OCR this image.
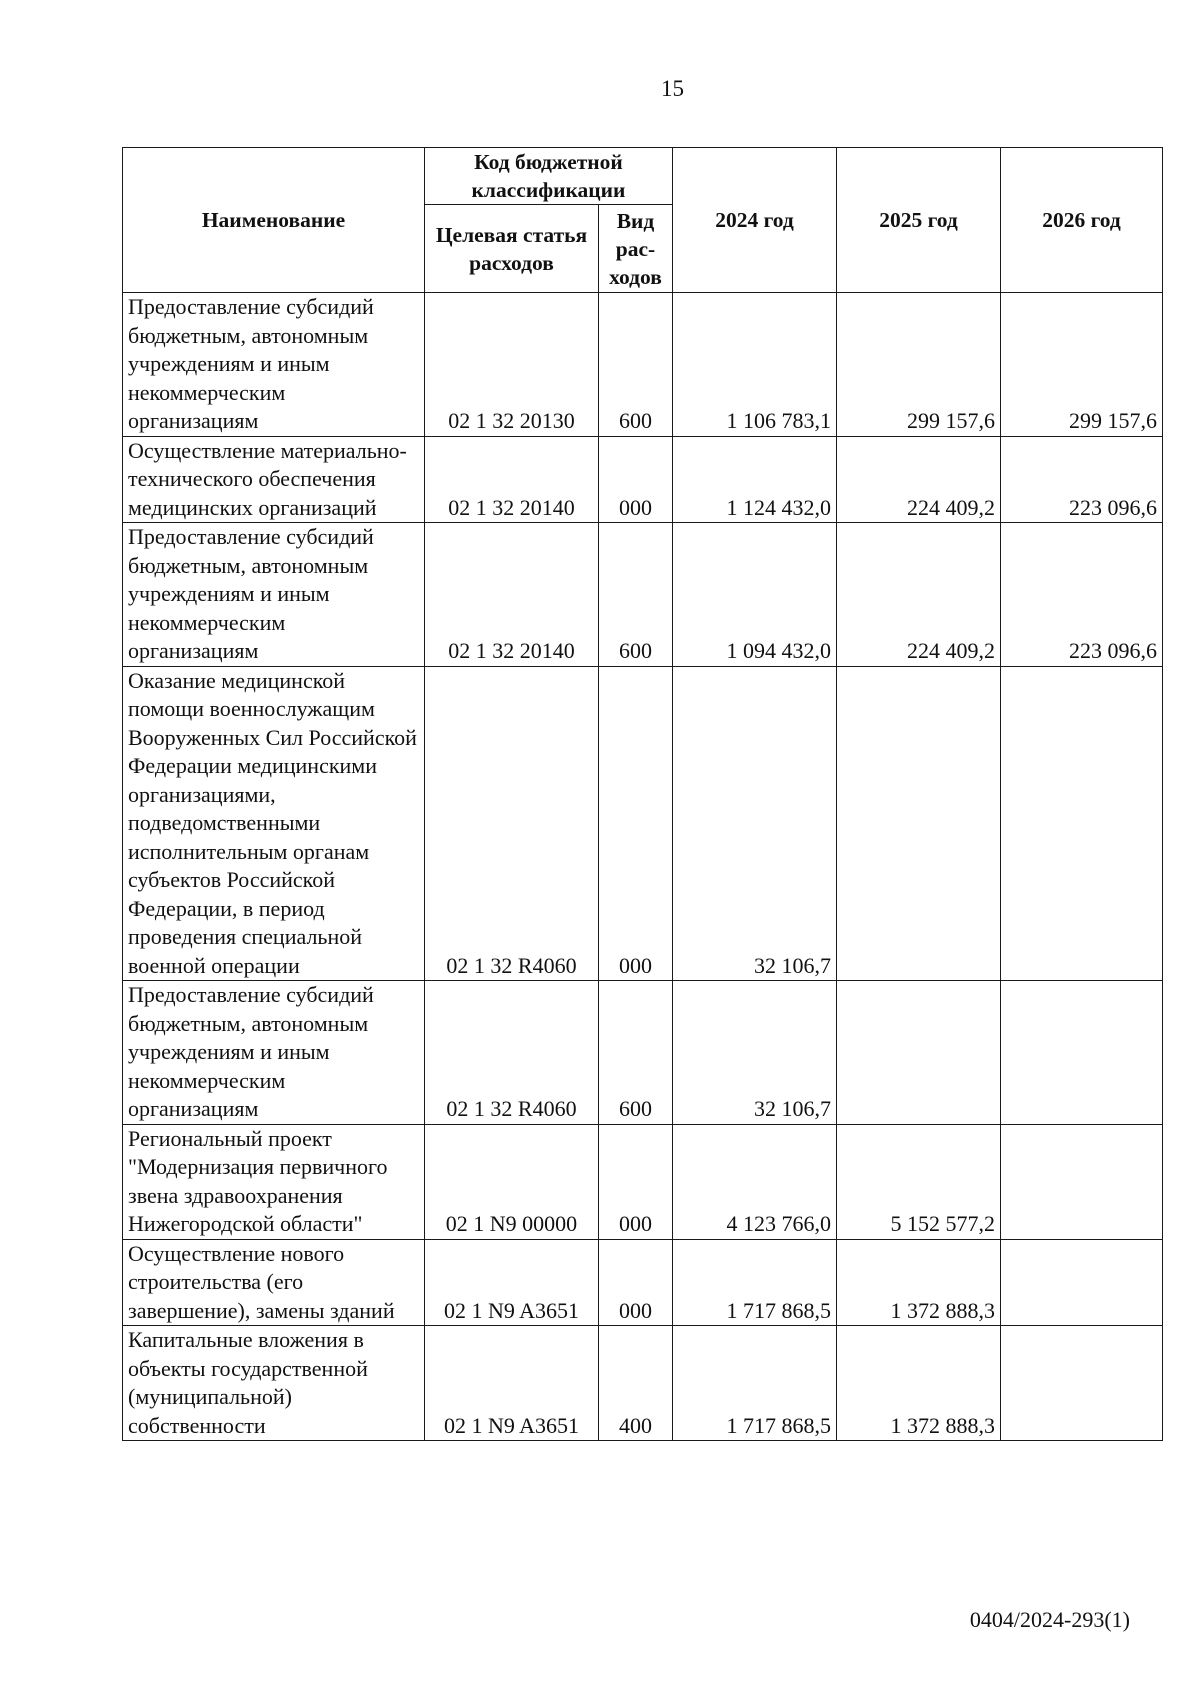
15
Наименование	Код бюджетной классификации		2024 год	2025 год	2026 год
	Целевая статья расходов	Вид рас-ходов			
Предоставление субсидий бюджетным, автономным учреждениям и иным некоммерческим организациям	02 1 32 20130	600	1 106 783,1	299 157,6	299 157,6
Осуществление материально-технического обеспечения медицинских организаций	02 1 32 20140	000	1 124 432,0	224 409,2	223 096,6
Предоставление субсидий бюджетным, автономным учреждениям и иным некоммерческим организациям	02 1 32 20140	600	1 094 432,0	224 409,2	223 096,6
Оказание медицинской помощи военнослужащим Вооруженных Сил Российской Федерации медицинскими организациями, подведомственными исполнительным органам субъектов Российской Федерации, в период проведения специальной военной операции	02 1 32 R4060	000	32 106,7		
Предоставление субсидий бюджетным, автономным учреждениям и иным некоммерческим организациям	02 1 32 R4060	600	32 106,7		
Региональный проект "Модернизация первичного звена здравоохранения Нижегородской области"	02 1 N9 00000	000	4 123 766,0	5 152 577,2	
Осуществление нового строительства (его завершение), замены зданий	02 1 N9 A3651	000	1 717 868,5	1 372 888,3	
Капитальные вложения в объекты государственной (муниципальной) собственности	02 1 N9 A3651	400	1 717 868,5	1 372 888,3	
0404/2024-293(1)
